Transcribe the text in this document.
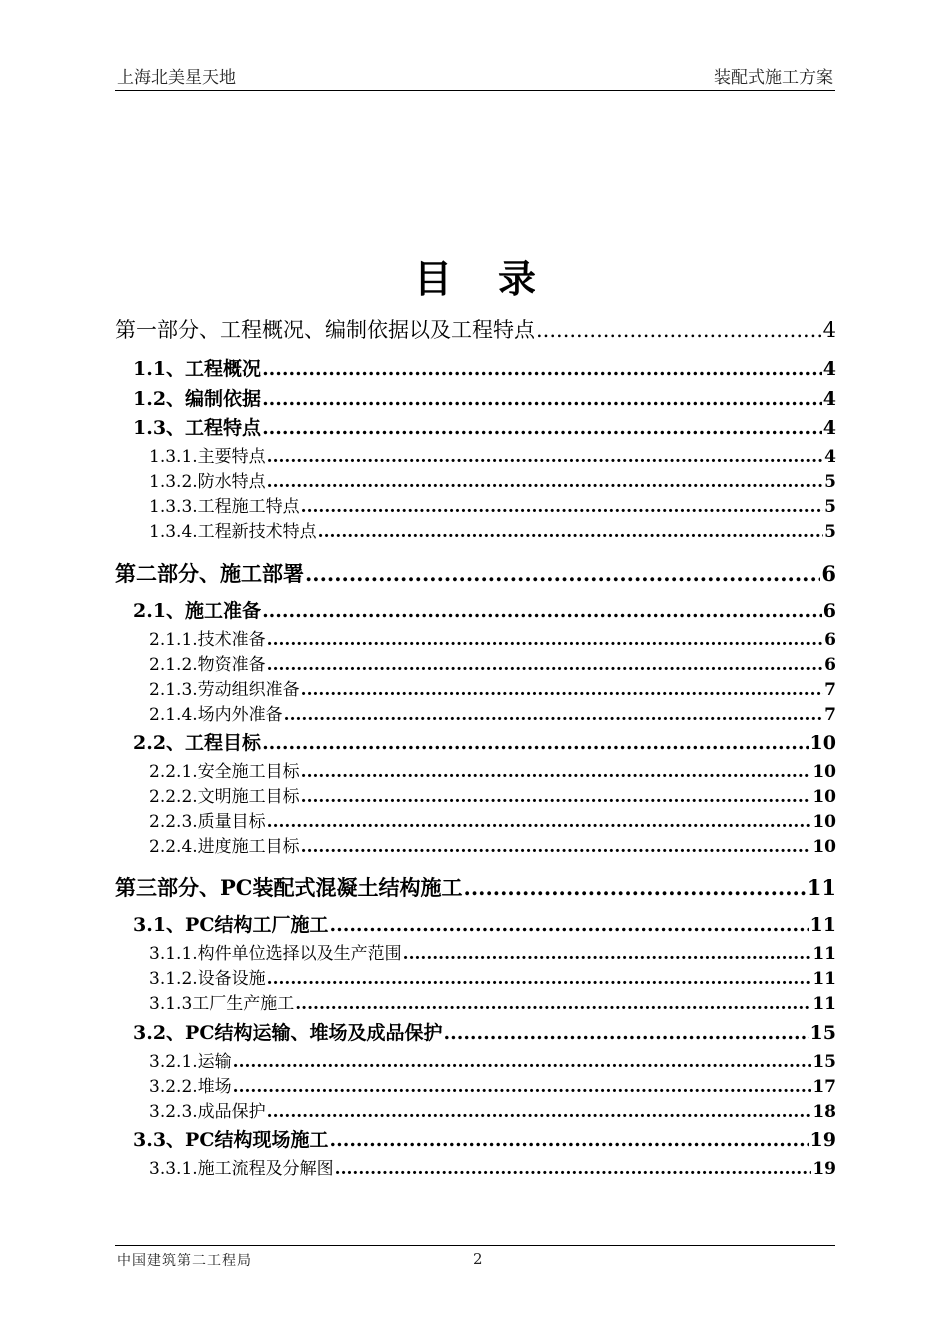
上海北美星天地	装配式施工方案
目录
第一部分、工程概况、编制依据以及工程特点 .....	4
1.1、工程概况 .....	4
1.2、编制依据 .....	4
1.3、工程特点 .....	4
1.3.1.主要特点 .....	4
1.3.2.防水特点 .....	5
1.3.3.工程施工特点 .....	5
1.3.4.工程新技术特点 .....	5
第二部分、施工部署 .....	6
2.1、施工准备 .....	6
2.1.1.技术准备 .....	6
2.1.2.物资准备 .....	6
2.1.3.劳动组织准备 .....	7
2.1.4.场内外准备 .....	7
2.2、工程目标 .....	10
2.2.1.安全施工目标 .....	10
2.2.2.文明施工目标 .....	10
2.2.3.质量目标 .....	10
2.2.4.进度施工目标 .....	10
第三部分、PC装配式混凝土结构施工 .....	11
3.1、PC结构工厂施工 .....	11
3.1.1.构件单位选择以及生产范围 .....	11
3.1.2.设备设施 .....	11
3.1.3工厂生产施工 .....	11
3.2、PC结构运输、堆场及成品保护 .....	15
3.2.1.运输 .....	15
3.2.2.堆场 .....	17
3.2.3.成品保护 .....	18
3.3、PC结构现场施工 .....	19
3.3.1.施工流程及分解图 .....	19
中国建筑第二工程局	2
